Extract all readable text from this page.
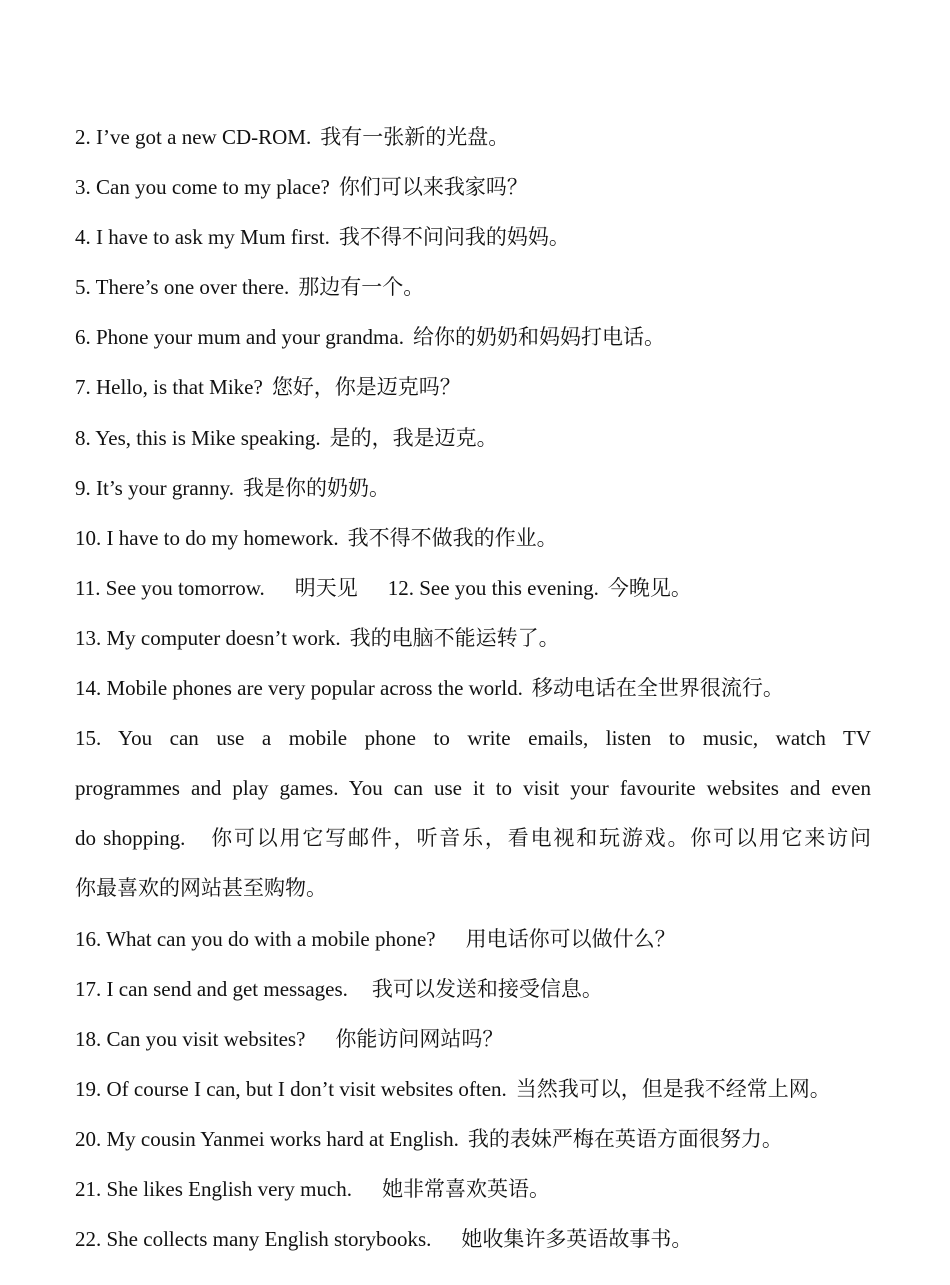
2. I’ve got a new CD-ROM. 我有一张新的光盘。
3. Can you come to my place? 你们可以来我家吗？
4. I have to ask my Mum first. 我不得不问问我的妈妈。
5. There’s one over there. 那边有一个。
6. Phone your mum and your grandma. 给你的奶奶和妈妈打电话。
7. Hello, is that Mike? 您好，你是迈克吗？
8. Yes, this is Mike speaking. 是的，我是迈克。
9. It’s your granny. 我是你的奶奶。
10. I have to do my homework. 我不得不做我的作业。
11. See you tomorrow. 明天见 12. See you this evening. 今晚见。
13. My computer doesn’t work. 我的电脑不能运转了。
14. Mobile phones are very popular across the world. 移动电话在全世界很流行。
15. You can use a mobile phone to write emails, listen to music, watch TV
programmes and play games. You can use it to visit your favourite websites and even
do shopping. 你可以用它写邮件，听音乐，看电视和玩游戏。你可以用它来访问
你最喜欢的网站甚至购物。
16. What can you do with a mobile phone? 用电话你可以做什么？
17. I can send and get messages. 我可以发送和接受信息。
18. Can you visit websites? 你能访问网站吗？
19. Of course I can, but I don’t visit websites often. 当然我可以，但是我不经常上网。
20. My cousin Yanmei works hard at English. 我的表妹严梅在英语方面很努力。
21. She likes English very much. 她非常喜欢英语。
22. She collects many English storybooks. 她收集许多英语故事书。
